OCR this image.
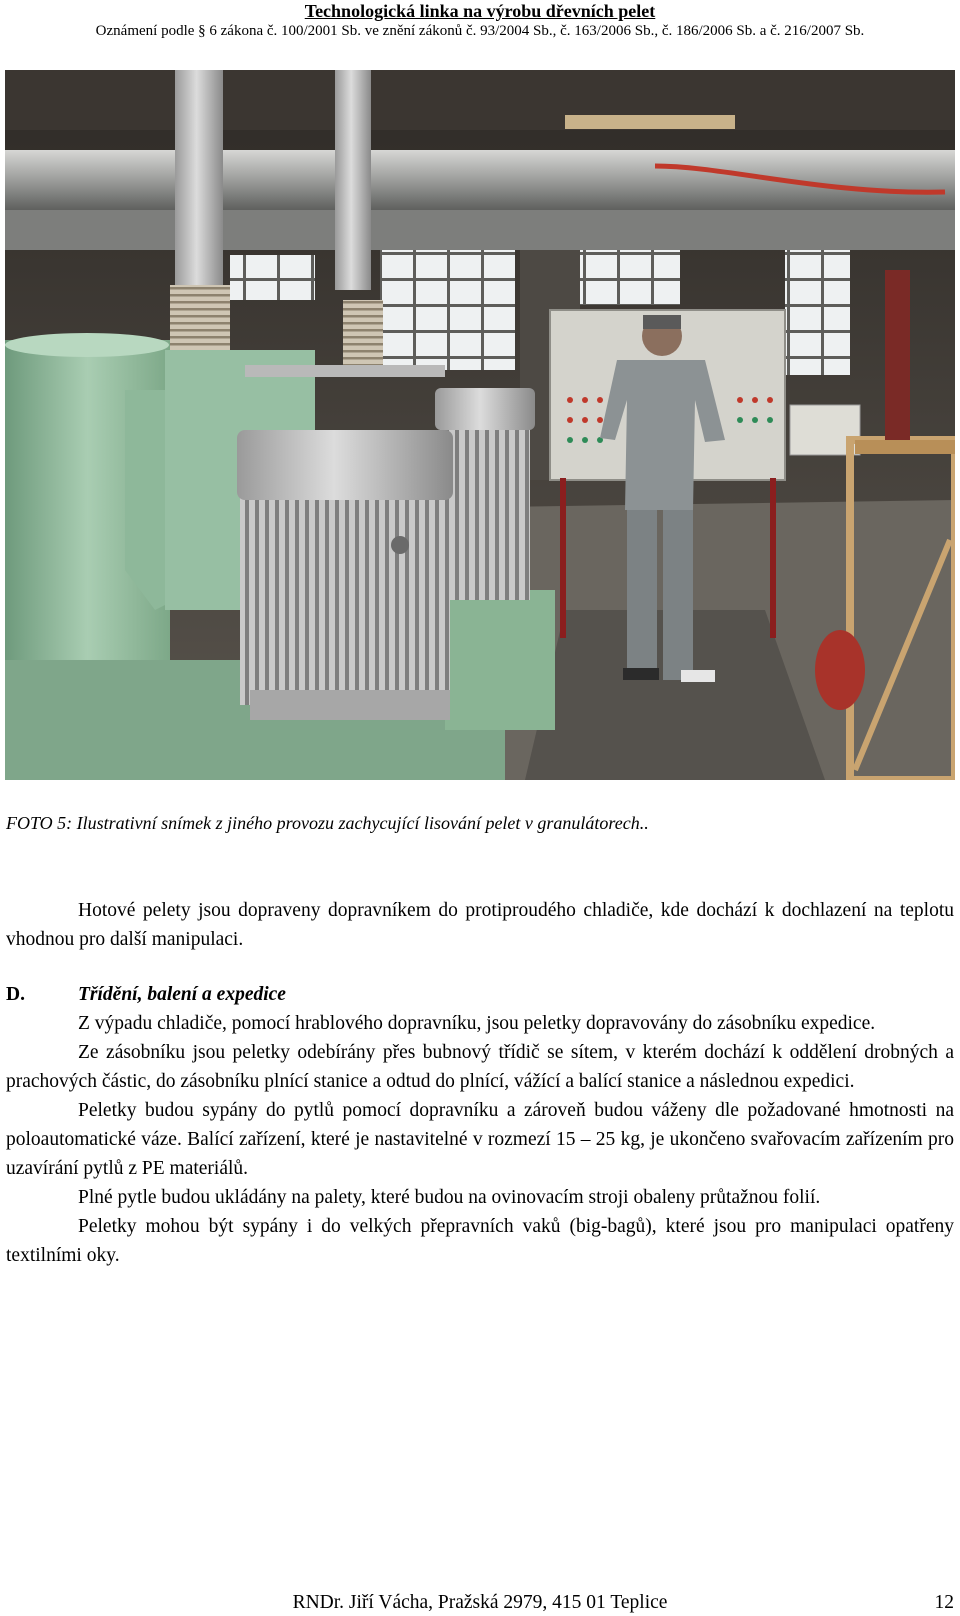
Technologická linka na výrobu dřevních pelet
Oznámení podle § 6 zákona č. 100/2001 Sb. ve znění zákonů č. 93/2004 Sb., č. 163/2006 Sb., č. 186/2006 Sb. a č. 216/2007 Sb.
FOTO 5: Ilustrativní snímek z jiného provozu zachycující lisování pelet v granulátorech..

Hotové pelety jsou dopraveny dopravníkem do protiproudého chladiče, kde dochází k dochlazení na teplotu vhodnou pro další manipulaci.

D.	Třídění, balení a expedice

Z výpadu chladiče, pomocí hrablového dopravníku, jsou peletky dopravovány do zásobníku expedice.

Ze zásobníku jsou peletky odebírány přes bubnový třídič se sítem, v kterém dochází k oddělení drobných a prachových částic, do zásobníku plnící stanice a odtud do plnící, vážící a balící stanice a následnou expedici.

Peletky budou sypány do pytlů pomocí dopravníku a zároveň budou váženy dle požadované hmotnosti na poloautomatické váze. Balící zařízení, které je nastavitelné v rozmezí 15 – 25 kg, je ukončeno svařovacím zařízením pro uzavírání pytlů z PE materiálů.

Plné pytle budou ukládány na palety, které budou na ovinovacím stroji obaleny průtažnou folií.

Peletky mohou být sypány i do velkých přepravních vaků (big-bagů), které jsou pro manipulaci opatřeny textilními oky.

RNDr. Jiří Vácha, Pražská 2979, 415 01 Teplice	12
